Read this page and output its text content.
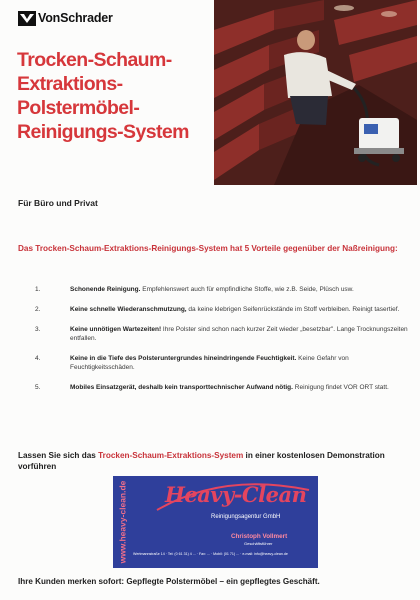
VonSchrader
Trocken-Schaum-
Extraktions-
Polstermöbel-
Reinigungs-System
Für Büro und Privat

Das Trocken-Schaum-Extraktions-Reinigungs-System hat 5 Vorteile gegenüber der Naßreinigung:

1.	Schonende Reinigung. Empfehlenswert auch für empfindliche Stoffe, wie z.B. Seide, Plüsch usw.
2.	Keine schnelle Wiederanschmutzung, da keine klebrigen Seifenrückstände im Stoff verbleiben. Reinigt tasertief.
3.	Keine unnötigen Wartezeiten! Ihre Polster sind schon nach kurzer Zeit wieder „besetzbar". Lange Trocknungszeiten entfallen.
4.	Keine in die Tiefe des Polsteruntergrundes hineindringende Feuchtigkeit. Keine Gefahr von Feuchtigkeitsschäden.
5.	Mobiles Einsatzgerät, deshalb kein transporttechnischer Aufwand nötig. Reinigung findet VOR ORT statt.

Lassen Sie sich das Trocken-Schaum-Extraktions-System in einer kostenlosen Demonstration vorführen

www.heavy-clean.de Heavy-Clean
Reinigungsagentur GmbH
Christoph Vollmert
Geschäftsführer
Wertmannstraße 14 · Tel: (0 61 31) 4 ... · Fax: ... · Mobil: (01 71) ... · e-mail: info@heavy-clean.de

Ihre Kunden merken sofort: Gepflegte Polstermöbel – ein gepflegtes Geschäft.
